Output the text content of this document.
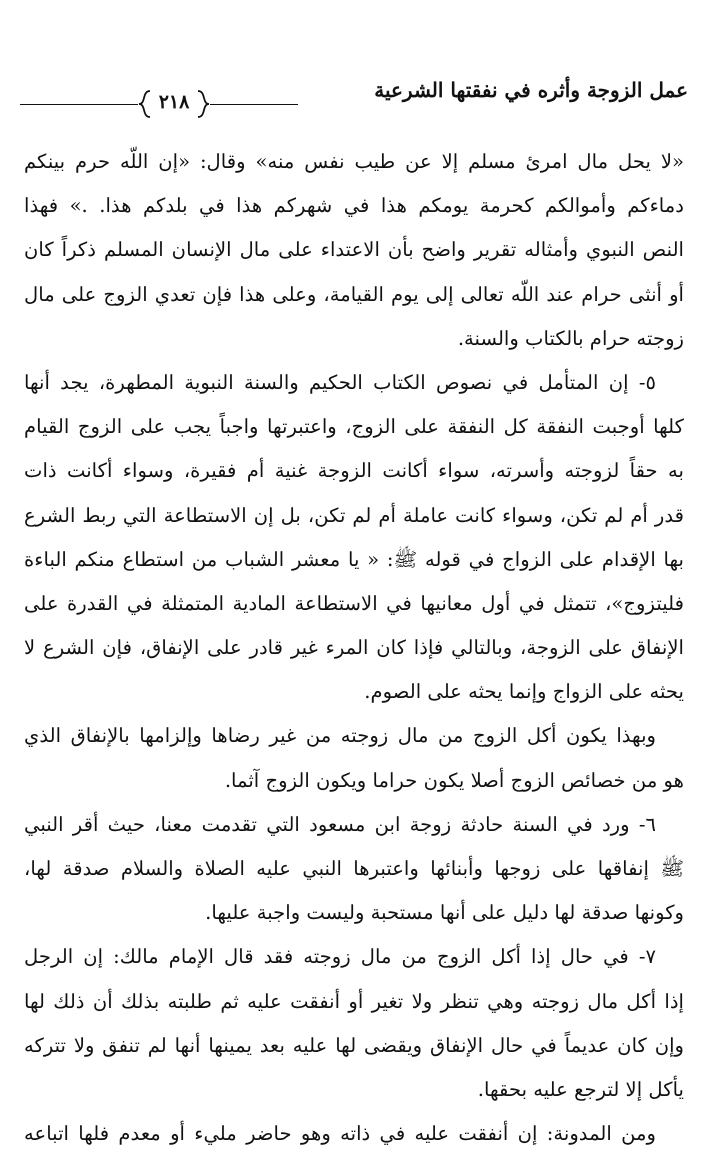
٢١٨	عمل الزوجة وأثره في نفقتها الشرعية
«لا يحل مال امرئ مسلم إلا عن طيب نفس منه» وقال: «إن اللّه حرم بينكم
دماءكم وأموالكم كحرمة يومكم هذا في شهركم هذا في بلدكم هذا. .» فهذا
النص النبوي وأمثاله تقرير واضح بأن الاعتداء على مال الإنسان المسلم ذكراً كان
أو أنثى حرام عند اللّه تعالى إلى يوم القيامة، وعلى هذا فإن تعدي الزوج على مال
زوجته حرام بالكتاب والسنة.
٥- إن المتأمل في نصوص الكتاب الحكيم والسنة النبوية المطهرة، يجد أنها
كلها أوجبت النفقة كل النفقة على الزوج، واعتبرتها واجباً يجب على الزوج القيام
به حقاً لزوجته وأسرته، سواء أكانت الزوجة غنية أم فقيرة، وسواء أكانت ذات
قدر أم لم تكن، وسواء كانت عاملة أم لم تكن، بل إن الاستطاعة التي ربط الشرع
بها الإقدام على الزواج في قوله ﷺ: « يا معشر الشباب من استطاع منكم الباءة
فليتزوج»، تتمثل في أول معانيها في الاستطاعة المادية المتمثلة في القدرة على
الإنفاق على الزوجة، وبالتالي فإذا كان المرء غير قادر على الإنفاق، فإن الشرع لا
يحثه على الزواج وإنما يحثه على الصوم.
وبهذا يكون أكل الزوج من مال زوجته من غير رضاها وإلزامها بالإنفاق الذي
هو من خصائص الزوج أصلا يكون حراما ويكون الزوج آثما.
٦- ورد في السنة حادثة زوجة ابن مسعود التي تقدمت معنا، حيث أقر النبي
ﷺ إنفاقها على زوجها وأبنائها واعتبرها النبي عليه الصلاة والسلام صدقة لها،
وكونها صدقة لها دليل على أنها مستحبة وليست واجبة عليها.
٧- في حال إذا أكل الزوج من مال زوجته فقد قال الإمام مالك: إن الرجل
إذا أكل مال زوجته وهي تنظر ولا تغير أو أنفقت عليه ثم طلبته بذلك أن ذلك لها
وإن كان عديماً في حال الإنفاق ويقضى لها عليه بعد يمينها أنها لم تنفق ولا تتركه
يأكل إلا لترجع عليه بحقها.
ومن المدونة: إن أنفقت عليه في ذاته وهو حاضر مليء أو معدم فلها اتباعه
